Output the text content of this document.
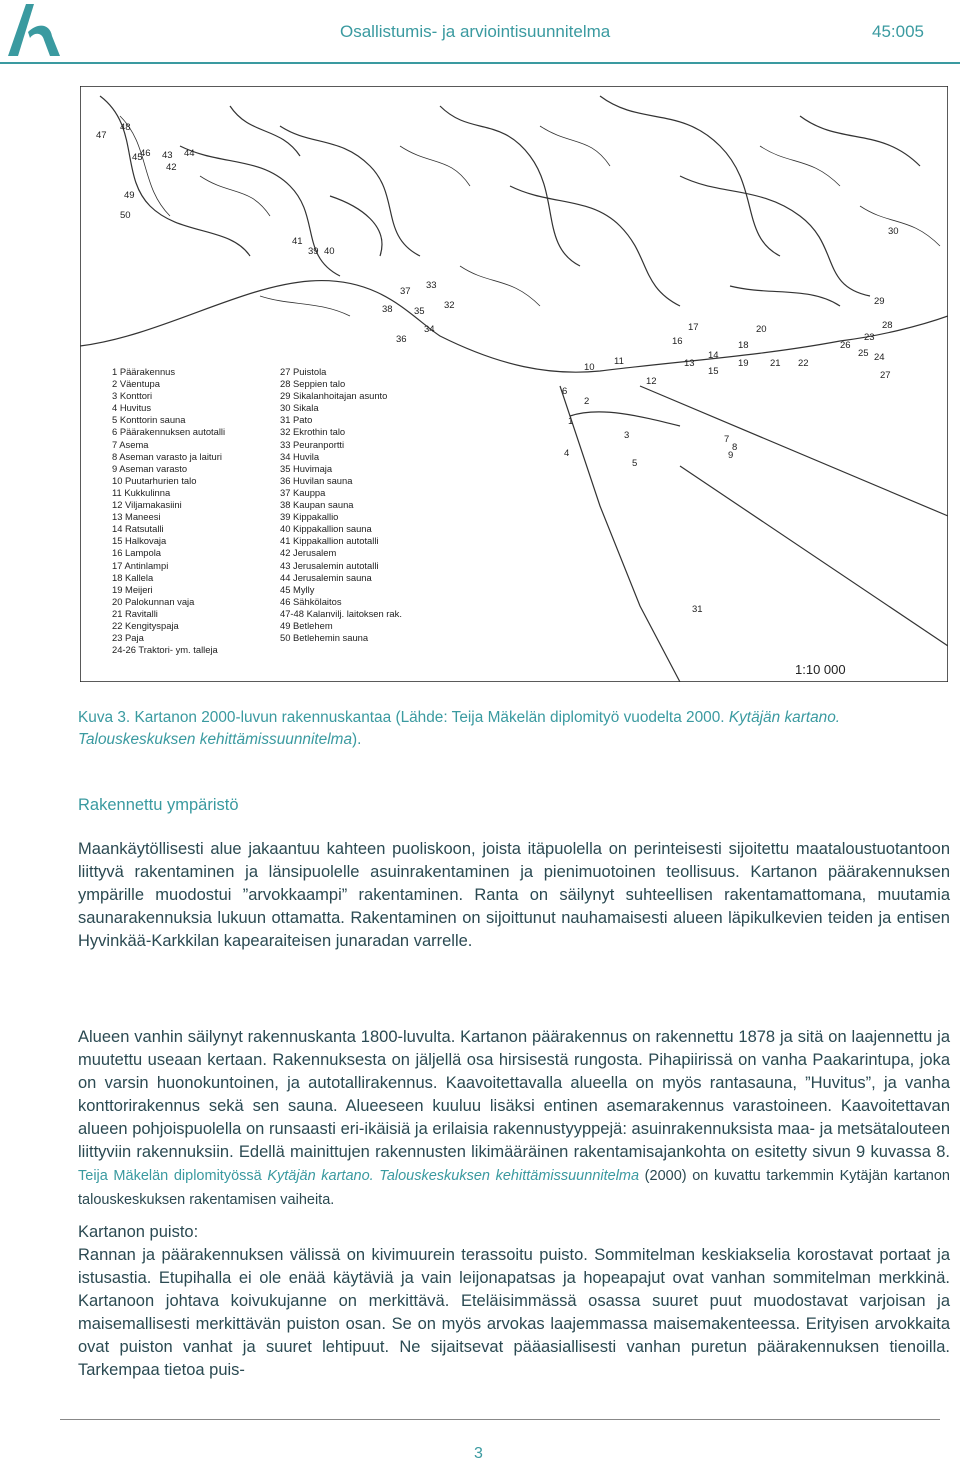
Osallistumis- ja arviointisuunnitelma	45:005
1:10 000
1 Päärakennus
2 Väentupa
3 Konttori
4 Huvitus
5 Konttorin sauna
6 Päärakennuksen autotalli
7 Asema
8 Aseman varasto ja laituri
9 Aseman varasto
10 Puutarhurien talo
11 Kukkulinna
12 Viljamakasiini
13 Maneesi
14 Ratsutalli
15 Halkovaja
16 Lampola
17 Antinlampi
18 Kallela
19 Meijeri
20 Palokunnan vaja
21 Ravitalli
22 Kengityspaja
23 Paja
24-26 Traktori- ym. talleja
27 Puistola
28 Seppien talo
29 Sikalanhoitajan asunto
30 Sikala
31 Pato
32 Ekrothin talo
33 Peuranportti
34 Huvila
35 Huvimaja
36 Huvilan sauna
37 Kauppa
38 Kaupan sauna
39 Kippakallio
40 Kippakallion sauna
41 Kippakallion autotalli
42 Jerusalem
43 Jerusalemin autotalli
44 Jerusalemin sauna
45 Mylly
46 Sähkölaitos
47-48 Kalanvilj. laitoksen rak.
49 Betlehem
50 Betlehemin sauna
47
48
45
46 43 44
42
49
50
41
39 40
37
33
38 35
32
34
36
30
29
28
23
26
25 24
27
20
17
16	18
19 21 22
14
13
15
10
11
12
6
2
1
3
4
5
7
8
9
31
Kuva 3. Kartanon 2000-luvun rakennuskantaa (Lähde: Teija Mäkelän diplomityö vuodelta 2000. Kytäjän kartano. Talouskeskuksen kehittämissuunnitelma).
Rakennettu ympäristö
Maankäytöllisesti alue jakaantuu kahteen puoliskoon, joista itäpuolella on perinteisesti sijoitettu maataloustuotantoon liittyvä rakentaminen ja länsipuolelle asuinrakentaminen ja pienimuotoinen teollisuus. Kartanon päärakennuksen ympärille muodostui ”arvokkaampi” rakentaminen. Ranta on säilynyt suhteellisen rakentamattomana, muutamia saunarakennuksia lukuun ottamatta. Rakentaminen on sijoittunut nauhamaisesti alueen läpikulkevien teiden ja entisen Hyvinkää-Karkkilan kapearaiteisen junaradan varrelle.
Alueen vanhin säilynyt rakennuskanta 1800-luvulta. Kartanon päärakennus on rakennettu 1878 ja sitä on laajennettu ja muutettu useaan kertaan. Rakennuksesta on jäljellä osa hirsisestä rungosta. Pihapiirissä on vanha Paakarintupa, joka on varsin huonokuntoinen, ja autotallirakennus. Kaavoitettavalla alueella on myös rantasauna, ”Huvitus”, ja vanha konttorirakennus sekä sen sauna. Alueeseen kuuluu lisäksi entinen asemarakennus varastoineen. Kaavoitettavan alueen pohjoispuolella on runsaasti eri-ikäisiä ja erilaisia rakennustyyppejä: asuinrakennuksista maa- ja metsätalouteen liittyviin rakennuksiin. Edellä mainittujen rakennusten likimääräinen rakentamisajankohta on esitetty sivun 9 kuvassa 8. Teija Mäkelän diplomityössä Kytäjän kartano. Talouskeskuksen kehittämissuunnitelma (2000) on kuvattu tarkemmin Kytäjän kartanon talouskeskuksen rakentamisen vaiheita.
Kartanon puisto:
Rannan ja päärakennuksen välissä on kivimuurein terassoitu puisto. Sommitelman keskiakselia korostavat portaat ja istusastia. Etupihalla ei ole enää käytäviä ja vain leijonapatsas ja hopeapajut ovat vanhan sommitelman merkkinä. Kartanoon johtava koivukujanne on merkittävä. Eteläisimmässä osassa suuret puut muodostavat varjoisan ja maisemallisesti merkittävän puiston osan. Se on myös arvokas laajemmassa maisemakenteessa. Erityisen arvokkaita ovat puiston vanhat ja suuret lehtipuut. Ne sijaitsevat pääasiallisesti vanhan puretun päärakennuksen tienoilla. Tarkempaa tietoa puis-
3
